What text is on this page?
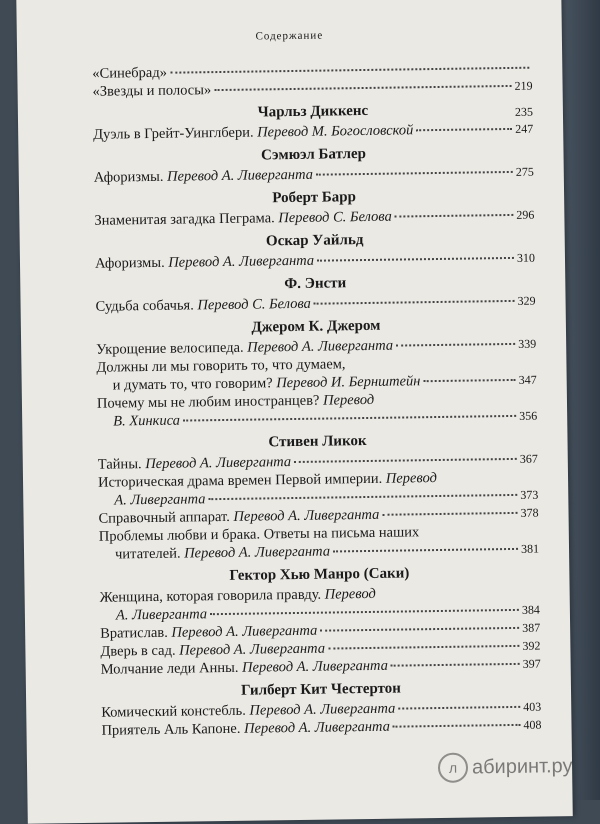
Содержание
«Синебрад»
«Звезды и полосы»	219
Чарльз Диккенс	235
Дуэль в Грейт-Уинглбери. Перевод М. Богословской	247
Сэмюэл Батлер
Афоризмы. Перевод А. Ливерганта	275
Роберт Барр
Знаменитая загадка Пеграма. Перевод С. Белова	296
Оскар Уайльд
Афоризмы. Перевод А. Ливерганта	310
Ф. Энсти
Судьба собачья. Перевод С. Белова	329
Джером К. Джером
Укрощение велосипеда. Перевод А. Ливерганта	339
Должны ли мы говорить то, что думаем,
и думать то, что говорим? Перевод И. Бернштейн	347
Почему мы не любим иностранцев? Перевод
В. Хинкиса	356
Стивен Ликок
Тайны. Перевод А. Ливерганта	367
Историческая драма времен Первой империи. Перевод
А. Ливерганта	373
Справочный аппарат. Перевод А. Ливерганта	378
Проблемы любви и брака. Ответы на письма наших
читателей. Перевод А. Ливерганта	381
Гектор Хью Манро (Саки)
Женщина, которая говорила правду. Перевод
А. Ливерганта	384
Вратислав. Перевод А. Ливерганта	387
Дверь в сад. Перевод А. Ливерганта	392
Молчание леди Анны. Перевод А. Ливерганта	397
Гилберт Кит Честертон
Комический констебль. Перевод А. Ливерганта	403
Приятель Аль Капоне. Перевод А. Ливерганта	408
л абиринт.ру
